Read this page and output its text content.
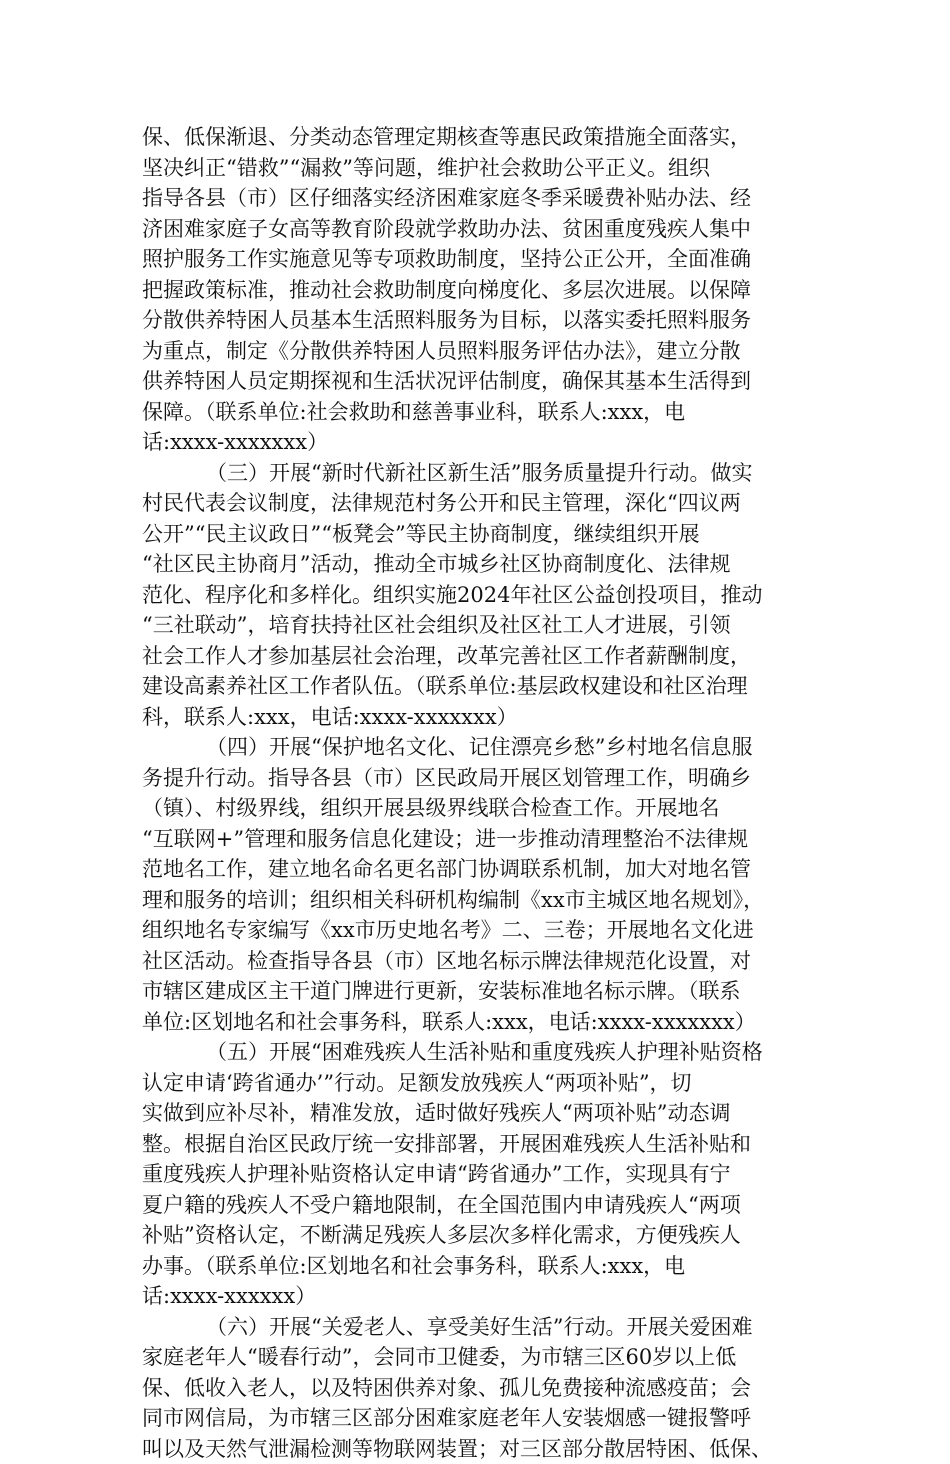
保、低保渐退、分类动态管理定期核查等惠民政策措施全面落实，
坚决纠正“错救”“漏救”等问题，维护社会救助公平正义。组织
指导各县（市）区仔细落实经济困难家庭冬季采暖费补贴办法、经
济困难家庭子女高等教育阶段就学救助办法、贫困重度残疾人集中
照护服务工作实施意见等专项救助制度，坚持公正公开，全面准确
把握政策标准，推动社会救助制度向梯度化、多层次进展。以保障
分散供养特困人员基本生活照料服务为目标，以落实委托照料服务
为重点，制定《分散供养特困人员照料服务评估办法》，建立分散
供养特困人员定期探视和生活状况评估制度，确保其基本生活得到
保障。（联系单位:社会救助和慈善事业科，联系人:xxx，电
话:xxxx-xxxxxxx）
（三）开展“新时代新社区新生活”服务质量提升行动。做实
村民代表会议制度，法律规范村务公开和民主管理，深化“四议两
公开”“民主议政日”“板凳会”等民主协商制度，继续组织开展
“社区民主协商月”活动，推动全市城乡社区协商制度化、法律规
范化、程序化和多样化。组织实施2024年社区公益创投项目，推动
“三社联动”，培育扶持社区社会组织及社区社工人才进展，引领
社会工作人才参加基层社会治理，改革完善社区工作者薪酬制度，
建设高素养社区工作者队伍。（联系单位:基层政权建设和社区治理
科，联系人:xxx，电话:xxxx-xxxxxxx）
（四）开展“保护地名文化、记住漂亮乡愁”乡村地名信息服
务提升行动。指导各县（市）区民政局开展区划管理工作，明确乡
（镇）、村级界线，组织开展县级界线联合检查工作。开展地名
“互联网+”管理和服务信息化建设；进一步推动清理整治不法律规
范地名工作，建立地名命名更名部门协调联系机制，加大对地名管
理和服务的培训；组织相关科研机构编制《xx市主城区地名规划》，
组织地名专家编写《xx市历史地名考》二、三卷；开展地名文化进
社区活动。检查指导各县（市）区地名标示牌法律规范化设置，对
市辖区建成区主干道门牌进行更新，安装标准地名标示牌。（联系
单位:区划地名和社会事务科，联系人:xxx，电话:xxxx-xxxxxxx）
（五）开展“困难残疾人生活补贴和重度残疾人护理补贴资格
认定申请‘跨省通办’”行动。足额发放残疾人“两项补贴”，切
实做到应补尽补，精准发放，适时做好残疾人“两项补贴”动态调
整。根据自治区民政厅统一安排部署，开展困难残疾人生活补贴和
重度残疾人护理补贴资格认定申请“跨省通办”工作，实现具有宁
夏户籍的残疾人不受户籍地限制，在全国范围内申请残疾人“两项
补贴”资格认定，不断满足残疾人多层次多样化需求，方便残疾人
办事。（联系单位:区划地名和社会事务科，联系人:xxx，电
话:xxxx-xxxxxx）
（六）开展“关爱老人、享受美好生活”行动。开展关爱困难
家庭老年人“暖春行动”，会同市卫健委，为市辖三区60岁以上低
保、低收入老人，以及特困供养对象、孤儿免费接种流感疫苗；会
同市网信局，为市辖三区部分困难家庭老年人安装烟感一键报警呼
叫以及天然气泄漏检测等物联网装置；对三区部分散居特困、低保、
